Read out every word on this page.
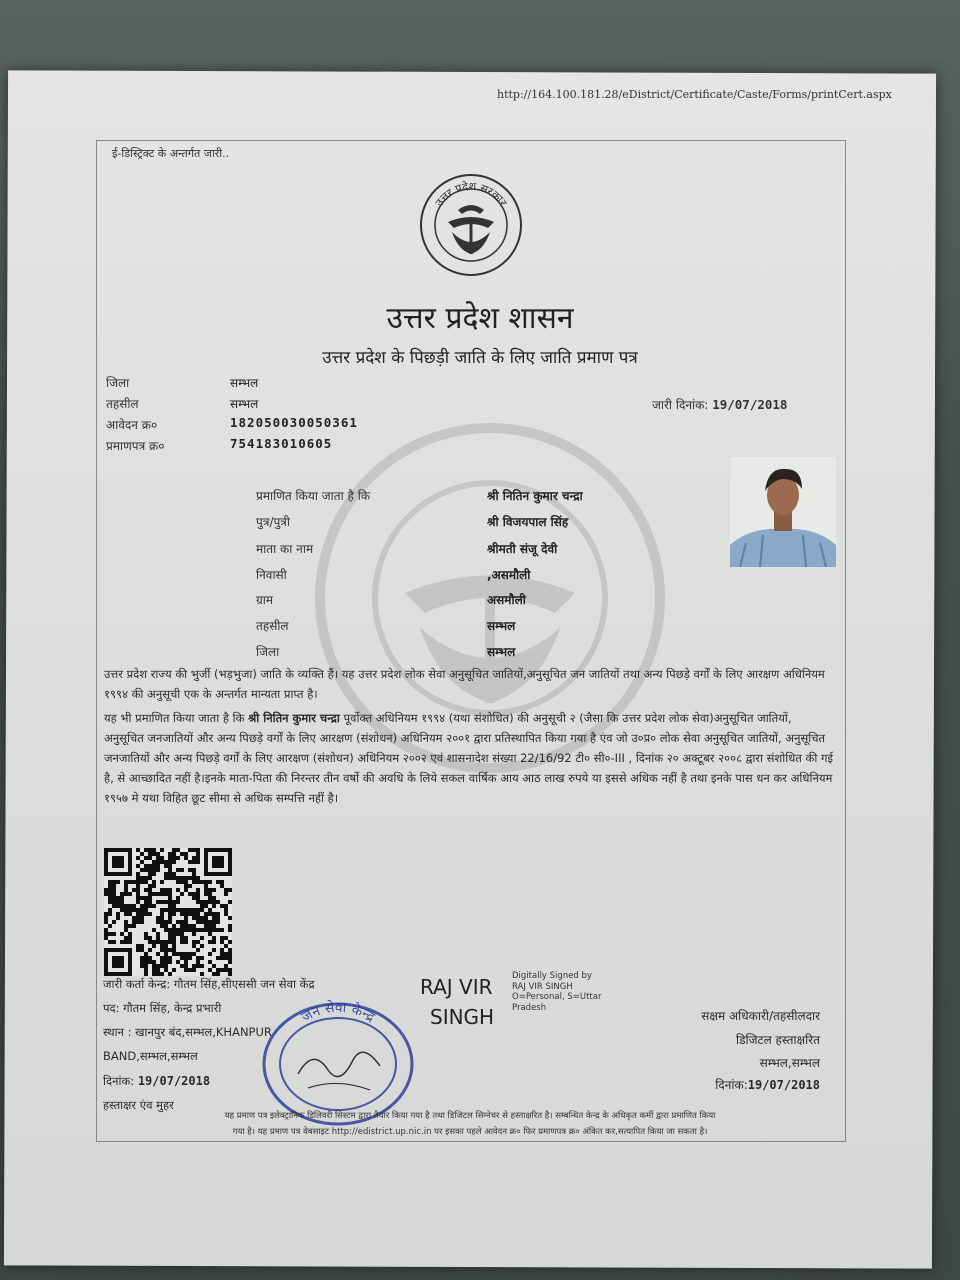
http://164.100.181.28/eDistrict/Certificate/Caste/Forms/printCert.aspx
ई-डिस्ट्रिक्ट के अन्तर्गत जारी..
उत्तर प्रदेश सरकार
उत्तर प्रदेश शासन
उत्तर प्रदेश के पिछड़ी जाति के लिए जाति प्रमाण पत्र
जिला	सम्भल
तहसील	सम्भल
आवेदन क्र०	182050030050361
प्रमाणपत्र क्र०	754183010605
जारी दिनांक: 19/07/2018
प्रमाणित किया जाता है कि	श्री नितिन कुमार चन्द्रा
पुत्र/पुत्री	श्री विजयपाल सिंह
माता का नाम	श्रीमती संजू देवी
निवासी	,असमौली
ग्राम	असमौली
तहसील	सम्भल
जिला	सम्भल
उत्तर प्रदेश राज्य की भुर्जी (भड़भुजा) जाति के व्यक्ति हैं। यह उत्तर प्रदेश लोक सेवा अनुसूचित जातियों,अनुसूचित जन जातियों तथा अन्य पिछड़े वर्गों के लिए आरक्षण अधिनियम १९९४ की अनुसूची एक के अन्तर्गत मान्यता प्राप्त है।
यह भी प्रमाणित किया जाता है कि श्री नितिन कुमार चन्द्रा पूर्वोक्त अधिनियम १९९४ (यथा संशोधित) की अनुसूची २ (जैसा कि उत्तर प्रदेश लोक सेवा)अनुसूचित जातियों, अनुसूचित जनजातियों और अन्य पिछड़े वर्गों के लिए आरक्षण (संशोधन) अधिनियम २००१ द्वारा प्रतिस्थापित किया गया है एंव जो उ०प्र० लोक सेवा अनुसूचित जातियों, अनुसूचित जनजातियों और अन्य पिछड़े वर्गों के लिए आरक्षण (संशोधन) अधिनियम २००२ एवं शासनादेश संख्या 22/16/92 टी० सी०-III , दिनांक २० अक्टूबर २००८ द्वारा संशोधित की गई है, से आच्छादित नहीं है।इनके माता-पिता की निरन्तर तीन वर्षो की अवधि के लिये सकल वार्षिक आय आठ लाख रुपये या इससे अधिक नहीं है तथा इनके पास धन कर अधिनियम १९५७ मे यथा विहित छूट सीमा से अधिक सम्पत्ति नहीं है।
जारी कर्ता केन्द्र: गौतम सिंह,सीएससी जन सेवा केंद्र
पद: गौतम सिंह, केन्द्र प्रभारी
स्थान : खानपुर बंद,सम्भल,KHANPUR
BAND,सम्भल,सम्भल
दिनांक: 19/07/2018
हस्ताक्षर एंव मुहर
RAJ VIR
SINGH
Digitally Signed by
RAJ VIR SINGH
O=Personal, S=Uttar
Pradesh
जन सेवा केन्द्र	सक्षम अधिकारी/तहसीलदार
डिजिटल हस्ताक्षरित
सम्भल,सम्भल
दिनांक:19/07/2018
यह प्रमाण पत्र इलेक्ट्रानिक डिलिवरी सिस्टम द्वारा तैयार किया गया है तथा डिजिटल सिग्नेचर से हस्ताक्षरित है। सम्बन्धित केन्द्र के अधिकृत कर्मी द्वारा प्रमाणित किया
गया है। यह प्रमाण पत्र वेबसाइट http://edistrict.up.nic.in पर इसका पहले आवेदन क्र० फिर प्रमाणपत्र क्र० अंकित कर,सत्यापित किया जा सकता है।
